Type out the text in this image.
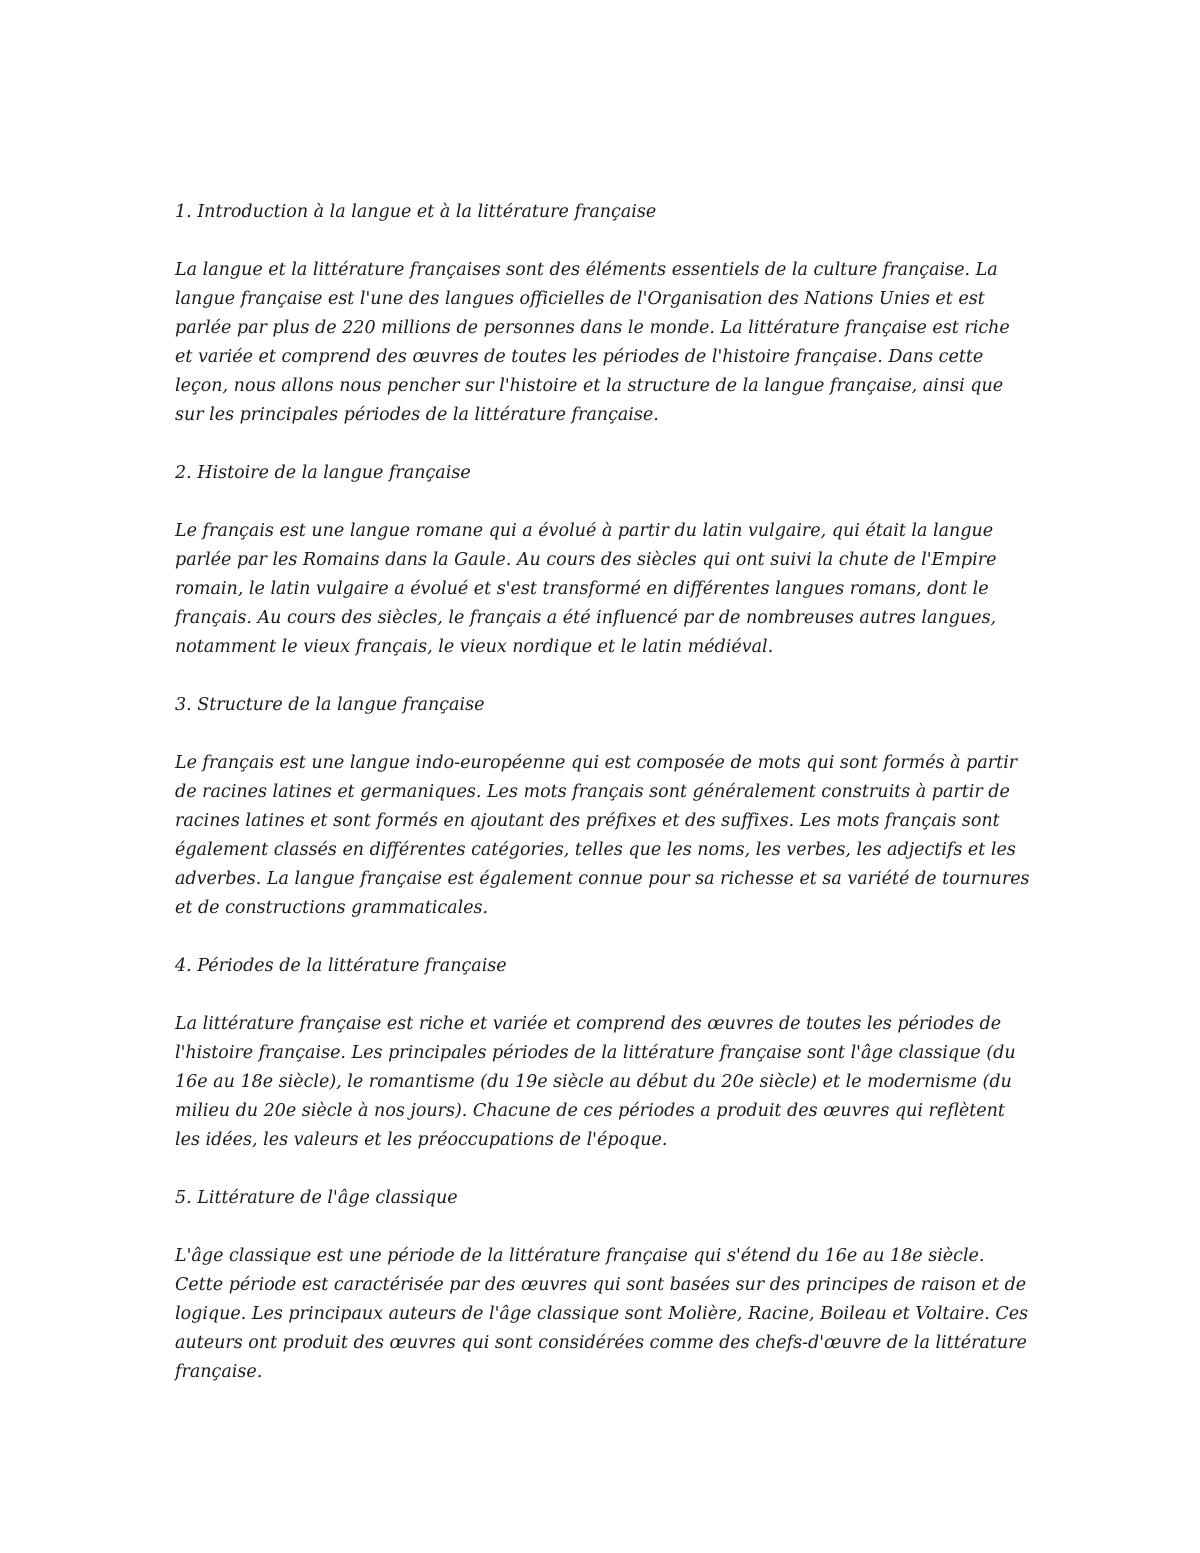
1. Introduction à la langue et à la littérature française

La langue et la littérature françaises sont des éléments essentiels de la culture française. La langue française est l'une des langues officielles de l'Organisation des Nations Unies et est parlée par plus de 220 millions de personnes dans le monde. La littérature française est riche et variée et comprend des œuvres de toutes les périodes de l'histoire française. Dans cette leçon, nous allons nous pencher sur l'histoire et la structure de la langue française, ainsi que sur les principales périodes de la littérature française.

2. Histoire de la langue française

Le français est une langue romane qui a évolué à partir du latin vulgaire, qui était la langue parlée par les Romains dans la Gaule. Au cours des siècles qui ont suivi la chute de l'Empire romain, le latin vulgaire a évolué et s'est transformé en différentes langues romans, dont le français. Au cours des siècles, le français a été influencé par de nombreuses autres langues, notamment le vieux français, le vieux nordique et le latin médiéval.

3. Structure de la langue française

Le français est une langue indo-européenne qui est composée de mots qui sont formés à partir de racines latines et germaniques. Les mots français sont généralement construits à partir de racines latines et sont formés en ajoutant des préfixes et des suffixes. Les mots français sont également classés en différentes catégories, telles que les noms, les verbes, les adjectifs et les adverbes. La langue française est également connue pour sa richesse et sa variété de tournures et de constructions grammaticales.

4. Périodes de la littérature française

La littérature française est riche et variée et comprend des œuvres de toutes les périodes de l'histoire française. Les principales périodes de la littérature française sont l'âge classique (du 16e au 18e siècle), le romantisme (du 19e siècle au début du 20e siècle) et le modernisme (du milieu du 20e siècle à nos jours). Chacune de ces périodes a produit des œuvres qui reflètent les idées, les valeurs et les préoccupations de l'époque.

5. Littérature de l'âge classique

L'âge classique est une période de la littérature française qui s'étend du 16e au 18e siècle. Cette période est caractérisée par des œuvres qui sont basées sur des principes de raison et de logique. Les principaux auteurs de l'âge classique sont Molière, Racine, Boileau et Voltaire. Ces auteurs ont produit des œuvres qui sont considérées comme des chefs-d'œuvre de la littérature française.
